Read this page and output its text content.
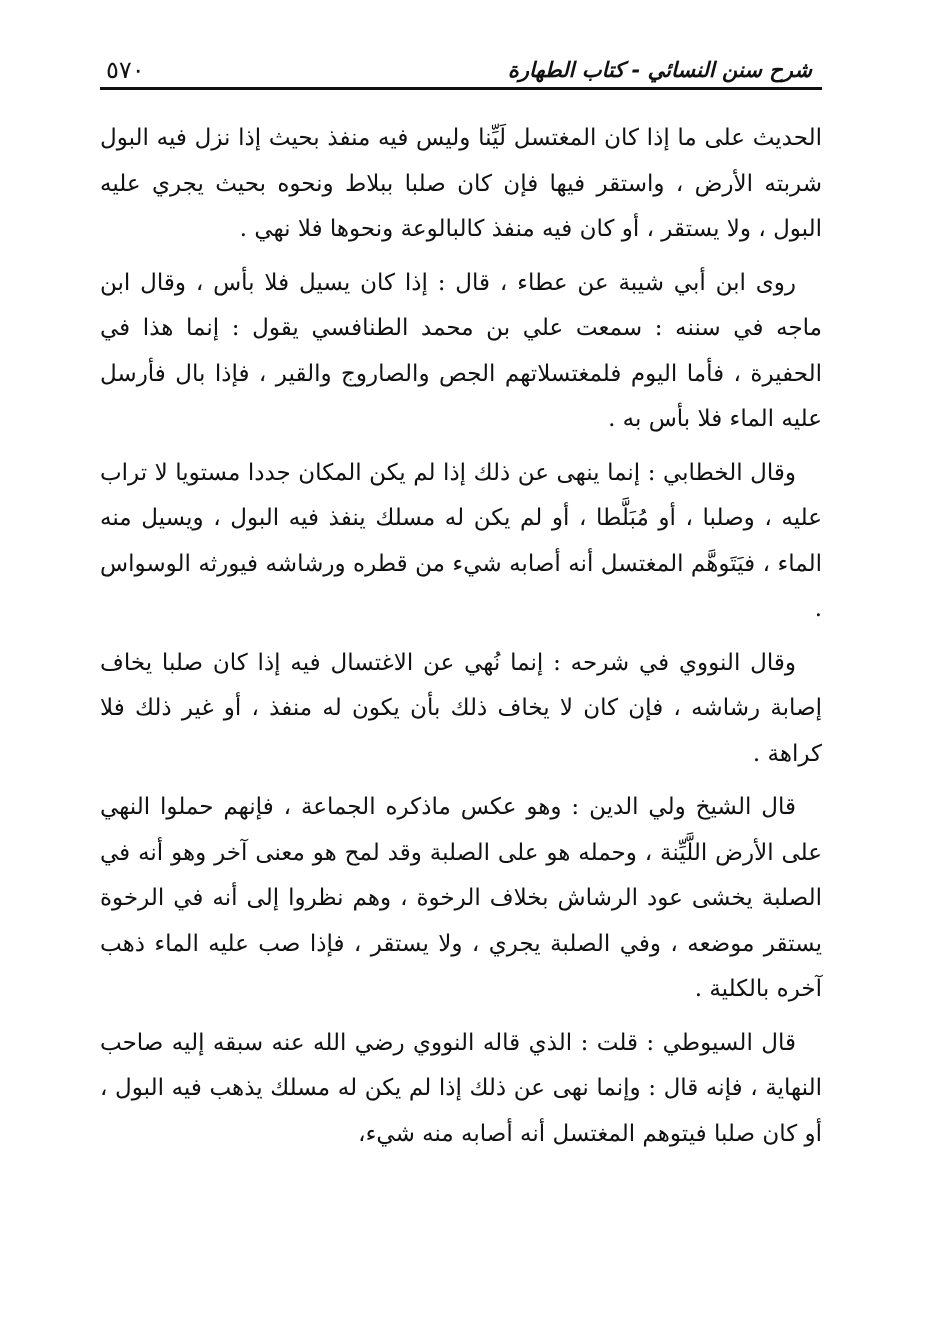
شرح سنن النسائي - كتاب الطهارة
٥٧٠

الحديث على ما إذا كان المغتسل لَيِّنا وليس فيه منفذ بحيث إذا نزل فيه البول شربته الأرض ، واستقر فيها فإن كان صلبا ببلاط ونحوه بحيث يجري عليه البول ، ولا يستقر ، أو كان فيه منفذ كالبالوعة ونحوها فلا نهي .

روى ابن أبي شيبة عن عطاء ، قال : إذا كان يسيل فلا بأس ، وقال ابن ماجه في سننه : سمعت علي بن محمد الطنافسي يقول : إنما هذا في الحفيرة ، فأما اليوم فلمغتسلاتهم الجص والصاروج والقير ، فإذا بال فأرسل عليه الماء فلا بأس به .

وقال الخطابي : إنما ينهى عن ذلك إذا لم يكن المكان جددا مستويا لا تراب عليه ، وصلبا ، أو مُبَلَّطا ، أو لم يكن له مسلك ينفذ فيه البول ، ويسيل منه الماء ، فيَتَوهَّم المغتسل أنه أصابه شيء من قطره ورشاشه فيورثه الوسواس .

وقال النووي في شرحه : إنما نُهي عن الاغتسال فيه إذا كان صلبا يخاف إصابة رشاشه ، فإن كان لا يخاف ذلك بأن يكون له منفذ ، أو غير ذلك فلا كراهة .

قال الشيخ ولي الدين : وهو عكس ماذكره الجماعة ، فإنهم حملوا النهي على الأرض اللَّيِّنة ، وحمله هو على الصلبة وقد لمح هو معنى آخر وهو أنه في الصلبة يخشى عود الرشاش بخلاف الرخوة ، وهم نظروا إلى أنه في الرخوة يستقر موضعه ، وفي الصلبة يجري ، ولا يستقر ، فإذا صب عليه الماء ذهب آخره بالكلية .

قال السيوطي : قلت : الذي قاله النووي رضي الله عنه سبقه إليه صاحب النهاية ، فإنه قال : وإنما نهى عن ذلك إذا لم يكن له مسلك يذهب فيه البول ، أو كان صلبا فيتوهم المغتسل أنه أصابه منه شيء،
